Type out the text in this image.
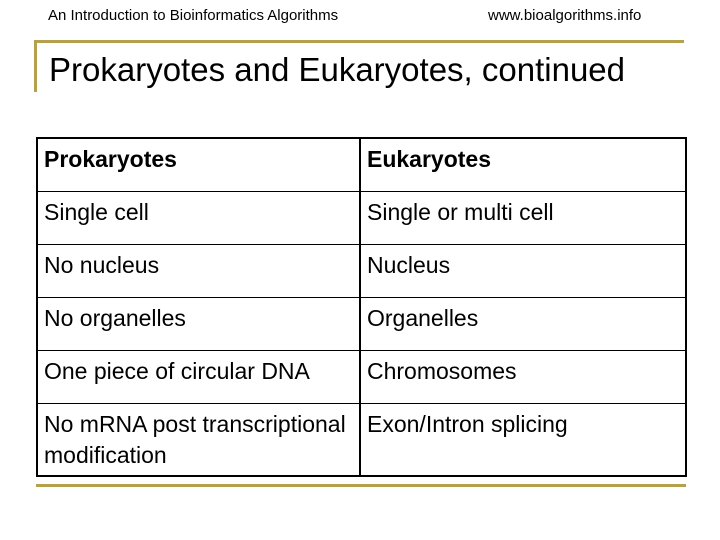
An Introduction to Bioinformatics Algorithms	www.bioalgorithms.info
Prokaryotes and Eukaryotes, continued
Prokaryotes	Eukaryotes
Single cell	Single or multi cell
No nucleus	Nucleus
No organelles	Organelles
One piece of circular DNA	Chromosomes
No mRNA post transcriptional modification	Exon/Intron splicing
